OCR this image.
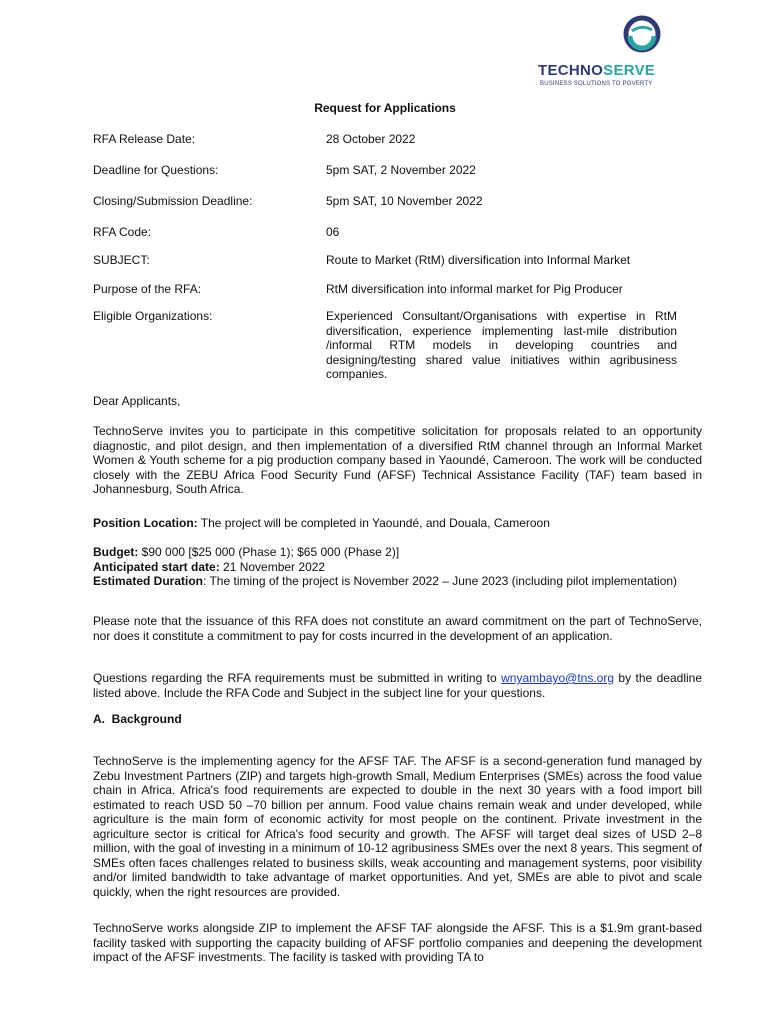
TECHNOSERVE
BUSINESS SOLUTIONS TO POVERTY
Request for Applications
RFA Release Date:	28 October 2022
Deadline for Questions:	5pm SAT, 2 November 2022
Closing/Submission Deadline:	5pm SAT, 10 November 2022
RFA Code:	06
SUBJECT:	Route to Market (RtM) diversification into Informal Market
Purpose of the RFA:	RtM diversification into informal market for Pig Producer
Eligible Organizations:	Experienced Consultant/Organisations with expertise in RtM diversification, experience implementing last-mile distribution /informal RTM models in developing countries and designing/testing shared value initiatives within agribusiness companies.
Dear Applicants,
TechnoServe invites you to participate in this competitive solicitation for proposals related to an opportunity diagnostic, and pilot design, and then implementation of a diversified RtM channel through an Informal Market Women & Youth scheme for a pig production company based in Yaoundé, Cameroon. The work will be conducted closely with the ZEBU Africa Food Security Fund (AFSF) Technical Assistance Facility (TAF) team based in Johannesburg, South Africa.
Position Location: The project will be completed in Yaoundé, and Douala, Cameroon
Budget: $90 000 [$25 000 (Phase 1); $65 000 (Phase 2)]
Anticipated start date: 21 November 2022
Estimated Duration: The timing of the project is November 2022 – June 2023 (including pilot implementation)
Please note that the issuance of this RFA does not constitute an award commitment on the part of TechnoServe, nor does it constitute a commitment to pay for costs incurred in the development of an application.
Questions regarding the RFA requirements must be submitted in writing to wnyambayo@tns.org by the deadline listed above. Include the RFA Code and Subject in the subject line for your questions.
A.  Background
TechnoServe is the implementing agency for the AFSF TAF. The AFSF is a second-generation fund managed by Zebu Investment Partners (ZIP) and targets high-growth Small, Medium Enterprises (SMEs) across the food value chain in Africa. Africa's food requirements are expected to double in the next 30 years with a food import bill estimated to reach USD 50 –70 billion per annum. Food value chains remain weak and under developed, while agriculture is the main form of economic activity for most people on the continent. Private investment in the agriculture sector is critical for Africa's food security and growth. The AFSF will target deal sizes of USD 2–8 million, with the goal of investing in a minimum of 10-12 agribusiness SMEs over the next 8 years. This segment of SMEs often faces challenges related to business skills, weak accounting and management systems, poor visibility and/or limited bandwidth to take advantage of market opportunities. And yet, SMEs are able to pivot and scale quickly, when the right resources are provided.
TechnoServe works alongside ZIP to implement the AFSF TAF alongside the AFSF. This is a $1.9m grant-based facility tasked with supporting the capacity building of AFSF portfolio companies and deepening the development impact of the AFSF investments. The facility is tasked with providing TA to
